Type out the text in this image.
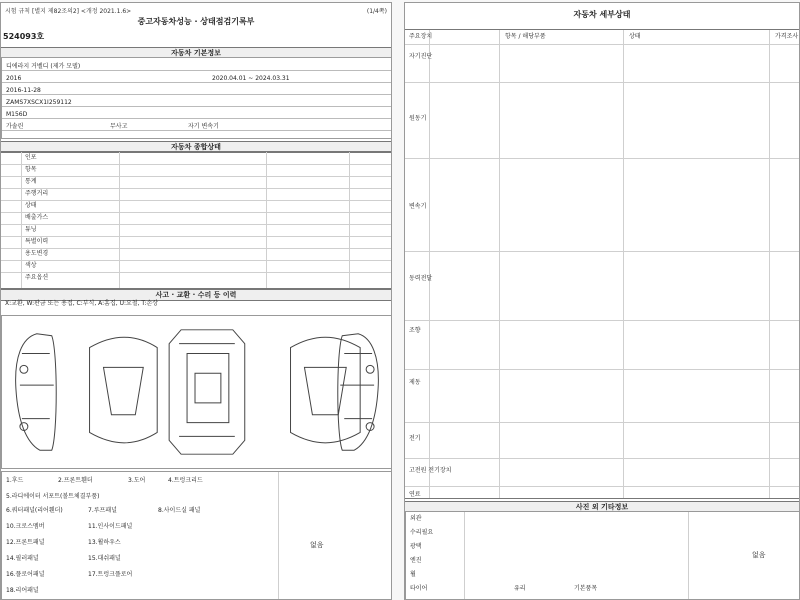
시험 규칙 [별지 제82조의2] <개정 2021.1.6>	(1/4쪽)
중고자동차성능 · 상태점검기록부
524093호
자동차 기본정보
디에라지 거벨디 (제가 모델)
2016	2020.04.01 ~ 2024.03.31
2016-11-28
ZAMS7XSCX1I259112
M156D
가솔린	무사고	자기 변속기
자동차 종합상태
인포
항목
통계
주행거리
상태
배출가스
튜닝
특별이력
용도변경
색상
주요옵션
사고 · 교환 · 수리 등 이력
X:교환, W:판금 또는 용접, C:부식, A:흠집, U:요철, T:손상
1.후드	2.프론트휀더	3.도어	4.트렁크리드
5.라디에이터 서포트(볼트체결부품)
6.쿼터패널(리어휀더)	7.루프패널	8.사이드실 패널
10.크로스멤버	11.인사이드패널
12.프론트패널	13.휠하우스
14.필러패널	15.대쉬패널
16.플로어패널	17.트렁크플로어
18.리어패널
없음
자동차 세부상태
주요장치	항목 / 해당부품	상태	가격조사
자기진단
원동기
변속기
동력전달
조향
제동
전기
고전원 전기장치
연료
사진 외 기타정보
외관
수리필요
광택
엔진
휠
타이어	유리	기본품목
없음
